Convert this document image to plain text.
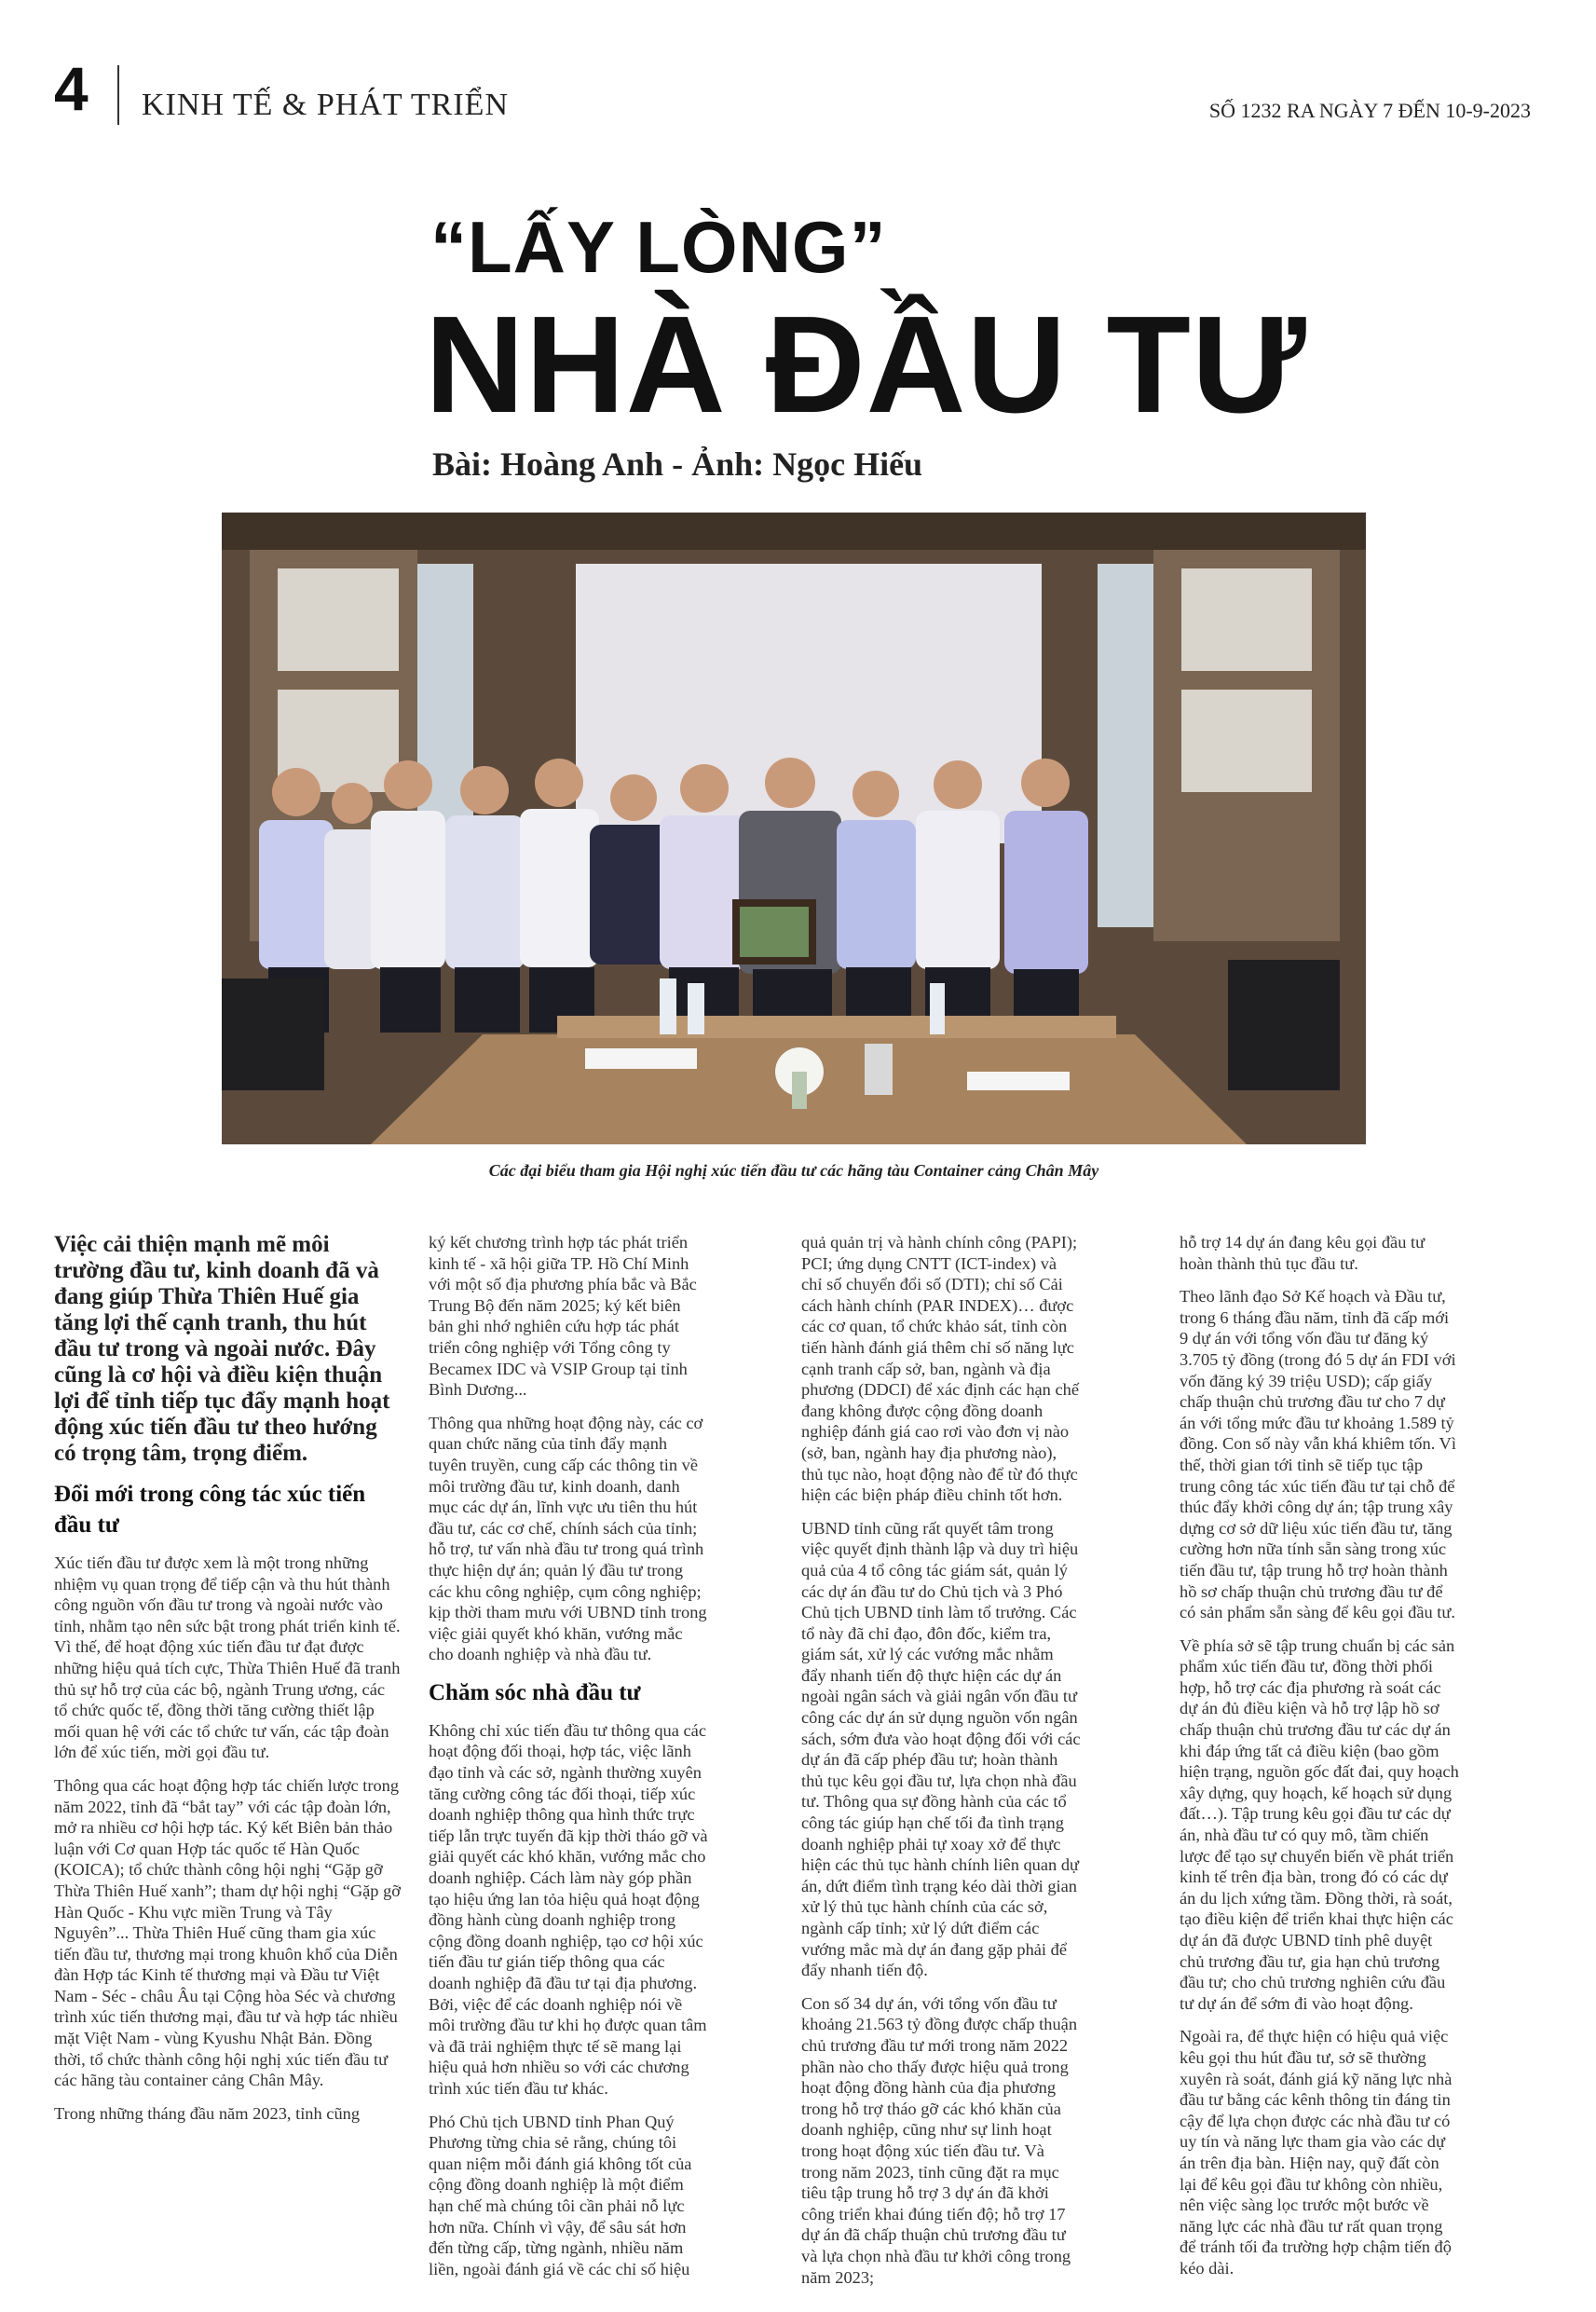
4 KINH TẾ & PHÁT TRIỂN	SỐ 1232 RA NGÀY 7 ĐẾN 10-9-2023
“LẤY LÒNG”
NHÀ ĐẦU TƯ
Bài: Hoàng Anh - Ảnh: Ngọc Hiếu
Các đại biểu tham gia Hội nghị xúc tiến đầu tư các hãng tàu Container cảng Chân Mây

Việc cải thiện mạnh mẽ môi trường đầu tư, kinh doanh đã và đang giúp Thừa Thiên Huế gia tăng lợi thế cạnh tranh, thu hút đầu tư trong và ngoài nước. Đây cũng là cơ hội và điều kiện thuận lợi để tỉnh tiếp tục đẩy mạnh hoạt động xúc tiến đầu tư theo hướng có trọng tâm, trọng điểm.

Đổi mới trong công tác xúc tiến đầu tư

Xúc tiến đầu tư được xem là một trong những nhiệm vụ quan trọng để tiếp cận và thu hút thành công nguồn vốn đầu tư trong và ngoài nước vào tỉnh, nhằm tạo nên sức bật trong phát triển kinh tế. Vì thế, để hoạt động xúc tiến đầu tư đạt được những hiệu quả tích cực, Thừa Thiên Huế đã tranh thủ sự hỗ trợ của các bộ, ngành Trung ương, các tổ chức quốc tế, đồng thời tăng cường thiết lập mối quan hệ với các tổ chức tư vấn, các tập đoàn lớn để xúc tiến, mời gọi đầu tư.

Thông qua các hoạt động hợp tác chiến lược trong năm 2022, tỉnh đã “bắt tay” với các tập đoàn lớn, mở ra nhiều cơ hội hợp tác. Ký kết Biên bản thảo luận với Cơ quan Hợp tác quốc tế Hàn Quốc (KOICA); tổ chức thành công hội nghị “Gặp gỡ Thừa Thiên Huế xanh”; tham dự hội nghị “Gặp gỡ Hàn Quốc - Khu vực miền Trung và Tây Nguyên”... Thừa Thiên Huế cũng tham gia xúc tiến đầu tư, thương mại trong khuôn khổ của Diễn đàn Hợp tác Kinh tế thương mại và Đầu tư Việt Nam - Séc - châu Âu tại Cộng hòa Séc và chương trình xúc tiến thương mại, đầu tư và hợp tác nhiều mặt Việt Nam - vùng Kyushu Nhật Bản. Đồng thời, tổ chức thành công hội nghị xúc tiến đầu tư các hãng tàu container cảng Chân Mây.

Trong những tháng đầu năm 2023, tỉnh cũng

ký kết chương trình hợp tác phát triển kinh tế - xã hội giữa TP. Hồ Chí Minh với một số địa phương phía bắc và Bắc Trung Bộ đến năm 2025; ký kết biên bản ghi nhớ nghiên cứu hợp tác phát triển công nghiệp với Tổng công ty Becamex IDC và VSIP Group tại tỉnh Bình Dương...

Thông qua những hoạt động này, các cơ quan chức năng của tỉnh đẩy mạnh tuyên truyền, cung cấp các thông tin về môi trường đầu tư, kinh doanh, danh mục các dự án, lĩnh vực ưu tiên thu hút đầu tư, các cơ chế, chính sách của tỉnh; hỗ trợ, tư vấn nhà đầu tư trong quá trình thực hiện dự án; quản lý đầu tư trong các khu công nghiệp, cụm công nghiệp; kịp thời tham mưu với UBND tỉnh trong việc giải quyết khó khăn, vướng mắc cho doanh nghiệp và nhà đầu tư.

Chăm sóc nhà đầu tư

Không chỉ xúc tiến đầu tư thông qua các hoạt động đối thoại, hợp tác, việc lãnh đạo tỉnh và các sở, ngành thường xuyên tăng cường công tác đối thoại, tiếp xúc doanh nghiệp thông qua hình thức trực tiếp lẫn trực tuyến đã kịp thời tháo gỡ và giải quyết các khó khăn, vướng mắc cho doanh nghiệp. Cách làm này góp phần tạo hiệu ứng lan tỏa hiệu quả hoạt động đồng hành cùng doanh nghiệp trong cộng đồng doanh nghiệp, tạo cơ hội xúc tiến đầu tư gián tiếp thông qua các doanh nghiệp đã đầu tư tại địa phương. Bởi, việc để các doanh nghiệp nói về môi trường đầu tư khi họ được quan tâm và đã trải nghiệm thực tế sẽ mang lại hiệu quả hơn nhiều so với các chương trình xúc tiến đầu tư khác.

Phó Chủ tịch UBND tỉnh Phan Quý Phương từng chia sẻ rằng, chúng tôi quan niệm mỗi đánh giá không tốt của cộng đồng doanh nghiệp là một điểm hạn chế mà chúng tôi cần phải nỗ lực hơn nữa. Chính vì vậy, để sâu sát hơn đến từng cấp, từng ngành, nhiều năm liền, ngoài đánh giá về các chỉ số hiệu

quả quản trị và hành chính công (PAPI); PCI; ứng dụng CNTT (ICT-index) và chỉ số chuyển đổi số (DTI); chỉ số Cải cách hành chính (PAR INDEX)… được các cơ quan, tổ chức khảo sát, tỉnh còn tiến hành đánh giá thêm chỉ số năng lực cạnh tranh cấp sở, ban, ngành và địa phương (DDCI) để xác định các hạn chế đang không được cộng đồng doanh nghiệp đánh giá cao rơi vào đơn vị nào (sở, ban, ngành hay địa phương nào), thủ tục nào, hoạt động nào để từ đó thực hiện các biện pháp điều chỉnh tốt hơn.

UBND tỉnh cũng rất quyết tâm trong việc quyết định thành lập và duy trì hiệu quả của 4 tổ công tác giám sát, quản lý các dự án đầu tư do Chủ tịch và 3 Phó Chủ tịch UBND tỉnh làm tổ trưởng. Các tổ này đã chỉ đạo, đôn đốc, kiểm tra, giám sát, xử lý các vướng mắc nhằm đẩy nhanh tiến độ thực hiện các dự án ngoài ngân sách và giải ngân vốn đầu tư công các dự án sử dụng nguồn vốn ngân sách, sớm đưa vào hoạt động đối với các dự án đã cấp phép đầu tư; hoàn thành thủ tục kêu gọi đầu tư, lựa chọn nhà đầu tư. Thông qua sự đồng hành của các tổ công tác giúp hạn chế tối đa tình trạng doanh nghiệp phải tự xoay xở để thực hiện các thủ tục hành chính liên quan dự án, dứt điểm tình trạng kéo dài thời gian xử lý thủ tục hành chính của các sở, ngành cấp tỉnh; xử lý dứt điểm các vướng mắc mà dự án đang gặp phải để đẩy nhanh tiến độ.

Con số 34 dự án, với tổng vốn đầu tư khoảng 21.563 tỷ đồng được chấp thuận chủ trương đầu tư mới trong năm 2022 phần nào cho thấy được hiệu quả trong hoạt động đồng hành của địa phương trong hỗ trợ tháo gỡ các khó khăn của doanh nghiệp, cũng như sự linh hoạt trong hoạt động xúc tiến đầu tư. Và trong năm 2023, tỉnh cũng đặt ra mục tiêu tập trung hỗ trợ 3 dự án đã khởi công triển khai đúng tiến độ; hỗ trợ 17 dự án đã chấp thuận chủ trương đầu tư và lựa chọn nhà đầu tư khởi công trong năm 2023;

hỗ trợ 14 dự án đang kêu gọi đầu tư hoàn thành thủ tục đầu tư.

Theo lãnh đạo Sở Kế hoạch và Đầu tư, trong 6 tháng đầu năm, tỉnh đã cấp mới 9 dự án với tổng vốn đầu tư đăng ký 3.705 tỷ đồng (trong đó 5 dự án FDI với vốn đăng ký 39 triệu USD); cấp giấy chấp thuận chủ trương đầu tư cho 7 dự án với tổng mức đầu tư khoảng 1.589 tỷ đồng. Con số này vẫn khá khiêm tốn. Vì thế, thời gian tới tỉnh sẽ tiếp tục tập trung công tác xúc tiến đầu tư tại chỗ để thúc đẩy khởi công dự án; tập trung xây dựng cơ sở dữ liệu xúc tiến đầu tư, tăng cường hơn nữa tính sẵn sàng trong xúc tiến đầu tư, tập trung hỗ trợ hoàn thành hồ sơ chấp thuận chủ trương đầu tư để có sản phẩm sẵn sàng để kêu gọi đầu tư.

Về phía sở sẽ tập trung chuẩn bị các sản phẩm xúc tiến đầu tư, đồng thời phối hợp, hỗ trợ các địa phương rà soát các dự án đủ điều kiện và hỗ trợ lập hồ sơ chấp thuận chủ trương đầu tư các dự án khi đáp ứng tất cả điều kiện (bao gồm hiện trạng, nguồn gốc đất đai, quy hoạch xây dựng, quy hoạch, kế hoạch sử dụng đất…). Tập trung kêu gọi đầu tư các dự án, nhà đầu tư có quy mô, tầm chiến lược để tạo sự chuyển biến về phát triển kinh tế trên địa bàn, trong đó có các dự án du lịch xứng tầm. Đồng thời, rà soát, tạo điều kiện để triển khai thực hiện các dự án đã được UBND tỉnh phê duyệt chủ trương đầu tư, gia hạn chủ trương đầu tư; cho chủ trương nghiên cứu đầu tư dự án để sớm đi vào hoạt động.

Ngoài ra, để thực hiện có hiệu quả việc kêu gọi thu hút đầu tư, sở sẽ thường xuyên rà soát, đánh giá kỹ năng lực nhà đầu tư bằng các kênh thông tin đáng tin cậy để lựa chọn được các nhà đầu tư có uy tín và năng lực tham gia vào các dự án trên địa bàn. Hiện nay, quỹ đất còn lại để kêu gọi đầu tư không còn nhiều, nên việc sàng lọc trước một bước về năng lực các nhà đầu tư rất quan trọng để tránh tối đa trường hợp chậm tiến độ kéo dài.
